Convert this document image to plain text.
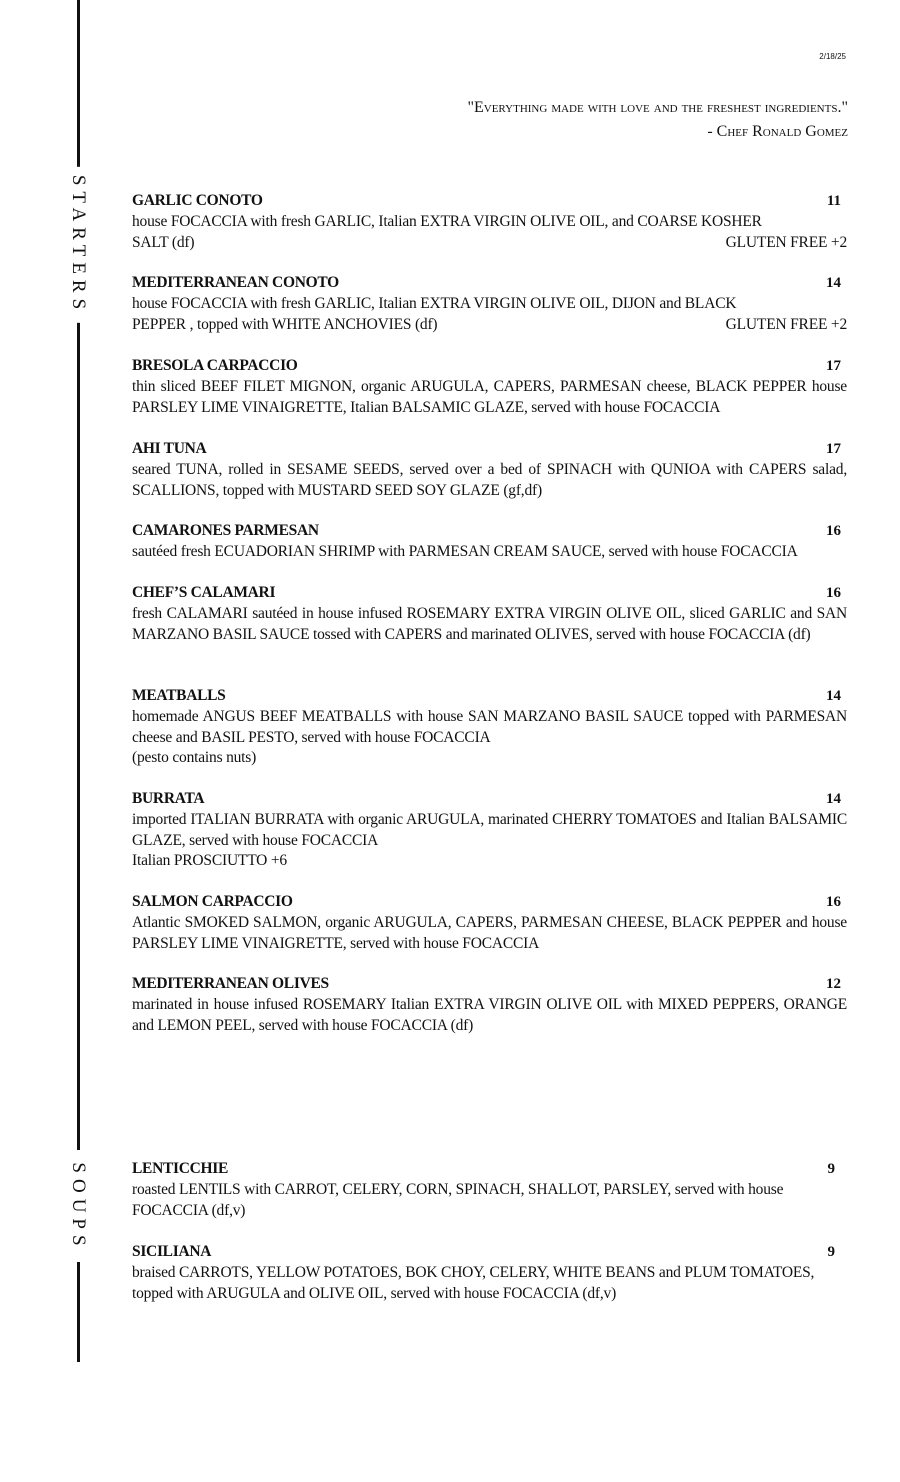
STARTERS
SOUPS
2/18/25
"Everything made with love and the freshest ingredients."
- Chef Ronald Gomez
GARLIC CONOTO	11
house FOCACCIA with fresh GARLIC, Italian EXTRA VIRGIN OLIVE OIL, and COARSE KOSHER
SALT (df)	GLUTEN FREE +2
MEDITERRANEAN CONOTO	14
house FOCACCIA with fresh GARLIC, Italian EXTRA VIRGIN OLIVE OIL, DIJON and BLACK
PEPPER , topped with WHITE ANCHOVIES (df)	GLUTEN FREE +2
BRESOLA CARPACCIO	17
thin sliced BEEF FILET MIGNON, organic ARUGULA, CAPERS, PARMESAN cheese, BLACK PEPPER house PARSLEY LIME VINAIGRETTE, Italian BALSAMIC GLAZE, served with house FOCACCIA
AHI TUNA	17
seared TUNA, rolled in SESAME SEEDS, served over a bed of SPINACH with QUNIOA with CAPERS salad, SCALLIONS, topped with MUSTARD SEED SOY GLAZE (gf,df)
CAMARONES PARMESAN	16
sautéed fresh ECUADORIAN SHRIMP with PARMESAN CREAM SAUCE, served with house FOCACCIA
CHEF’S CALAMARI	16
fresh CALAMARI sautéed in house infused ROSEMARY EXTRA VIRGIN OLIVE OIL, sliced GARLIC and SAN MARZANO BASIL SAUCE tossed with CAPERS and marinated OLIVES, served with house FOCACCIA (df)
MEATBALLS	14
homemade ANGUS BEEF MEATBALLS with house SAN MARZANO BASIL SAUCE topped with PARMESAN cheese and BASIL PESTO, served with house FOCACCIA
(pesto contains nuts)
BURRATA	14
imported ITALIAN BURRATA with organic ARUGULA, marinated CHERRY TOMATOES and Italian BALSAMIC GLAZE, served with house FOCACCIA
Italian PROSCIUTTO +6
SALMON CARPACCIO	16
Atlantic SMOKED SALMON, organic ARUGULA, CAPERS, PARMESAN CHEESE, BLACK PEPPER and house PARSLEY LIME VINAIGRETTE, served with house FOCACCIA
MEDITERRANEAN OLIVES	12
marinated in house infused ROSEMARY Italian EXTRA VIRGIN OLIVE OIL with MIXED PEPPERS, ORANGE and LEMON PEEL, served with house FOCACCIA (df)
LENTICCHIE	9
roasted LENTILS with CARROT, CELERY, CORN, SPINACH, SHALLOT, PARSLEY, served with house FOCACCIA (df,v)
SICILIANA	9
braised CARROTS, YELLOW POTATOES, BOK CHOY, CELERY, WHITE BEANS and PLUM TOMATOES, topped with ARUGULA and OLIVE OIL, served with house FOCACCIA (df,v)
